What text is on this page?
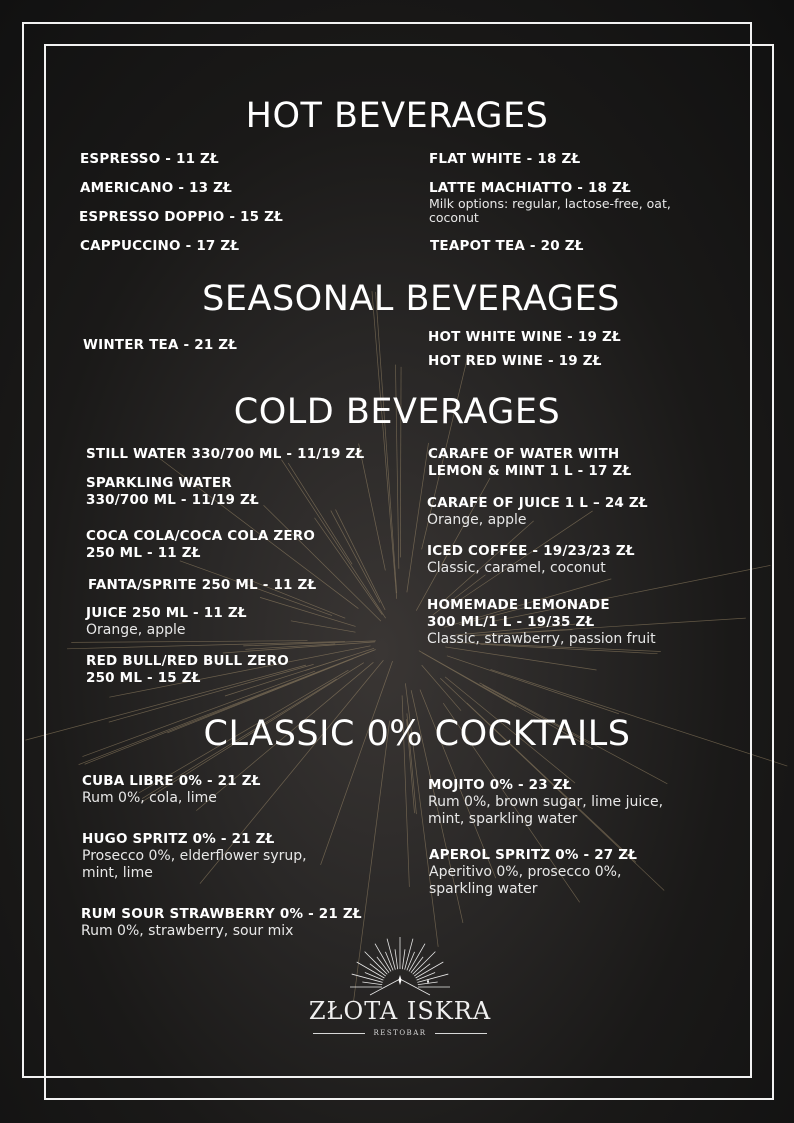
HOT BEVERAGES
ESPRESSO - 11 ZŁ
AMERICANO - 13 ZŁ
ESPRESSO DOPPIO - 15 ZŁ
CAPPUCCINO - 17 ZŁ
FLAT WHITE - 18 ZŁ
LATTE MACHIATTO - 18 ZŁ
Milk options: regular, lactose-free, oat,
coconut
TEAPOT TEA - 20 ZŁ
SEASONAL BEVERAGES
WINTER TEA - 21 ZŁ	HOT WHITE WINE - 19 ZŁ
HOT RED WINE - 19 ZŁ
COLD BEVERAGES
STILL WATER 330/700 ML - 11/19 ZŁ
SPARKLING WATER
330/700 ML - 11/19 ZŁ
COCA COLA/COCA COLA ZERO
250 ML - 11 ZŁ
FANTA/SPRITE 250 ML - 11 ZŁ
JUICE 250 ML - 11 ZŁ
Orange, apple
RED BULL/RED BULL ZERO
250 ML - 15 ZŁ
CARAFE OF WATER WITH
LEMON & MINT 1 L - 17 ZŁ
CARAFE OF JUICE 1 L – 24 ZŁ
Orange, apple
ICED COFFEE - 19/23/23 ZŁ
Classic, caramel, coconut
HOMEMADE LEMONADE
300 ML/1 L - 19/35 ZŁ
Classic, strawberry, passion fruit
CLASSIC 0% COCKTAILS
CUBA LIBRE 0% - 21 ZŁ
Rum 0%, cola, lime
HUGO SPRITZ 0% - 21 ZŁ
Prosecco 0%, elderflower syrup,
mint, lime
RUM SOUR STRAWBERRY 0% - 21 ZŁ
Rum 0%, strawberry, sour mix
MOJITO 0% - 23 ZŁ
Rum 0%, brown sugar, lime juice,
mint, sparkling water
APEROL SPRITZ 0% - 27 ZŁ
Aperitivo 0%, prosecco 0%,
sparkling water
ZŁOTA ISKRA
RESTOBAR
